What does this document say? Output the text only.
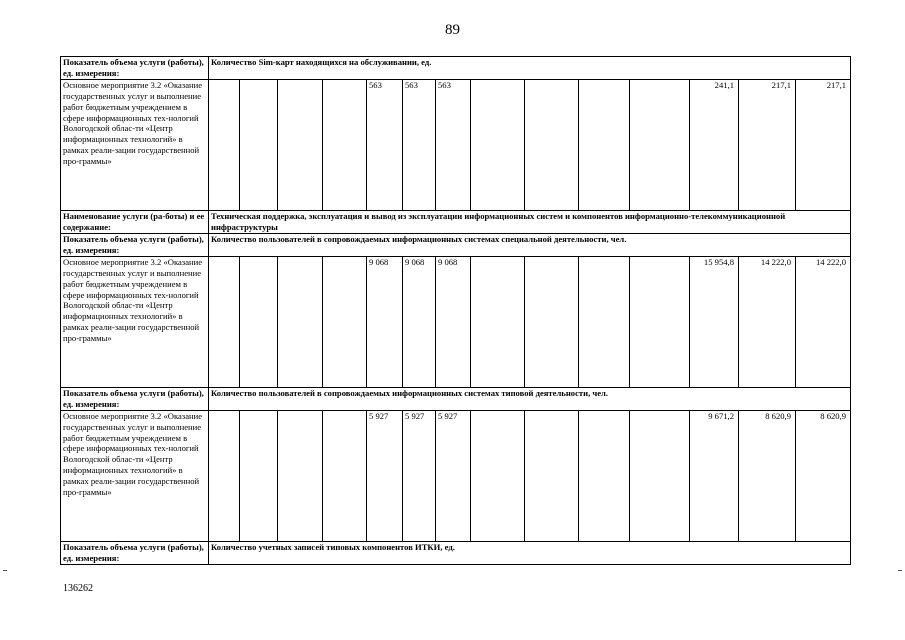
89
Показатель объема услуги (работы), ед. измерения:	Количество Sim-карт находящихся на обслуживании, ед.													
Основное мероприятие 3.2 «Оказание государственных услуг и выполнение работ бюджетным учреждением в сфере информационных тех-нологий Вологодской облас-ти «Центр информационных технологий» в рамках реали-зации государственной про-граммы»					563	563	563					241,1	217,1	217,1
Наименование услуги (ра-боты) и ее содержание:	Техническая поддержка, эксплуатация и вывод из эксплуатации информационных систем и компонентов информационно-телекоммуникационной инфраструктуры													
Показатель объема услуги (работы), ед. измерения:	Количество пользователей в сопровождаемых информационных системах специальной деятельности, чел.													
Основное мероприятие 3.2 «Оказание государственных услуг и выполнение работ бюджетным учреждением в сфере информационных тех-нологий Вологодской облас-ти «Центр информационных технологий» в рамках реали-зации государственной про-граммы»					9 068	9 068	9 068					15 954,8	14 222,0	14 222,0
Показатель объема услуги (работы), ед. измерения:	Количество пользователей в сопровождаемых информационных системах типовой деятельности, чел.													
Основное мероприятие 3.2 «Оказание государственных услуг и выполнение работ бюджетным учреждением в сфере информационных тех-нологий Вологодской облас-ти «Центр информационных технологий» в рамках реали-зации государственной про-граммы»					5 927	5 927	5 927					9 671,2	8 620,9	8 620,9
Показатель объема услуги (работы), ед. измерения:	Количество учетных записей типовых компонентов ИТКИ, ед.													
136262
